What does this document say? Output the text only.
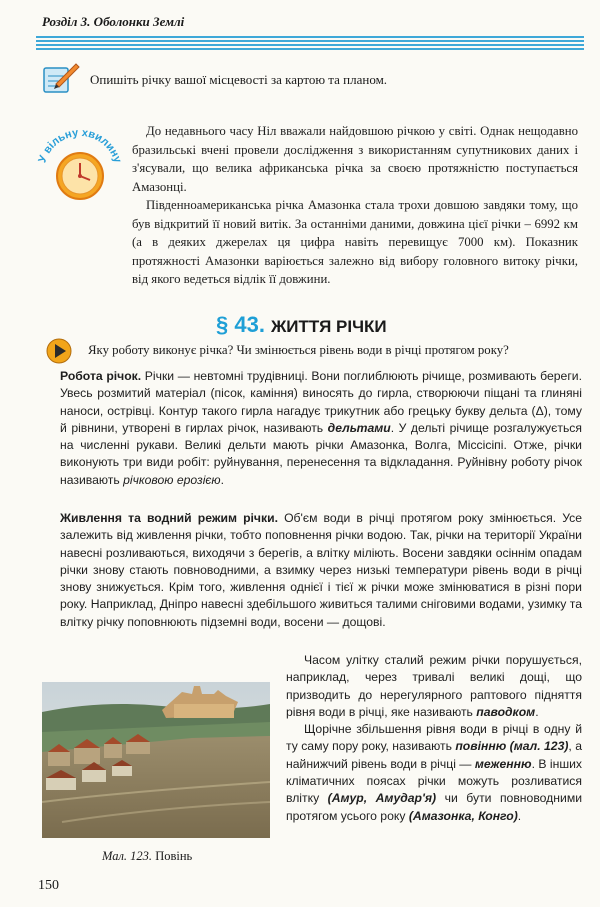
Розділ 3. Оболонки Землі
Опишіть річку вашої місцевості за картою та планом.
У вільну хвилину

До недавнього часу Ніл вважали найдовшою річкою у світі. Однак нещодавно бразильські вчені провели дослідження з використанням супутникових даних і з'ясували, що велика африканська річка за своєю протяжністю поступається Амазонці.

Південноамериканська річка Амазонка стала трохи довшою завдяки тому, що був відкритий її новий витік. За останніми даними, довжина цієї річки – 6992 км (а в деяких джерелах ця цифра навіть перевищує 7000 км). Показник протяжності Амазонки варіюється залежно від вибору головного витоку річки, від якого ведеться відлік її довжини.

§ 43. ЖИТТЯ РІЧКИ
Яку роботу виконує річка? Чи змінюється рівень води в річці протягом року?

Робота річок. Річки — невтомні трудівниці. Вони поглиблюють річище, розмивають береги. Увесь розмитий матеріал (пісок, каміння) виносять до гирла, створюючи піщані та глиняні наноси, острівці. Контур такого гирла нагадує трикутник або грецьку букву дельта (Δ), тому й рівнини, утворені в гирлах річок, називають дельтами. У дельті річище розгалужується на численні рукави. Великі дельти мають річки Амазонка, Волга, Міссісіпі. Отже, річки виконують три види робіт: руйнування, перенесення та відкладання. Руйнівну роботу річок називають річковою ерозією.

Живлення та водний режим річки. Об'єм води в річці протягом року змінюється. Усе залежить від живлення річки, тобто поповнення річки водою. Так, річки на території України навесні розливаються, виходячи з берегів, а влітку міліють. Восени завдяки осіннім опадам річки знову стають повноводними, а взимку через низькі температури рівень води в річці знову знижується. Крім того, живлення однієї і тієї ж річки може змінюватися в різні пори року. Наприклад, Дніпро навесні здебільшого живиться талими сніговими водами, узимку та влітку річку поповнюють підземні води, восени — дощові.

Часом улітку сталий режим річки порушується, наприклад, через тривалі великі дощі, що призводить до нерегулярного раптового підняття рівня води в річці, яке називають паводком.

Щорічне збільшення рівня води в річці в одну й ту саму пору року, називають повінню (мал. 123), а найнижчий рівень води в річці — меженню. В інших кліматичних поясах річки можуть розливатися влітку (Амур, Амудар'я) чи бути повноводними протягом усього року (Амазонка, Конго).

Мал. 123. Повінь
150
